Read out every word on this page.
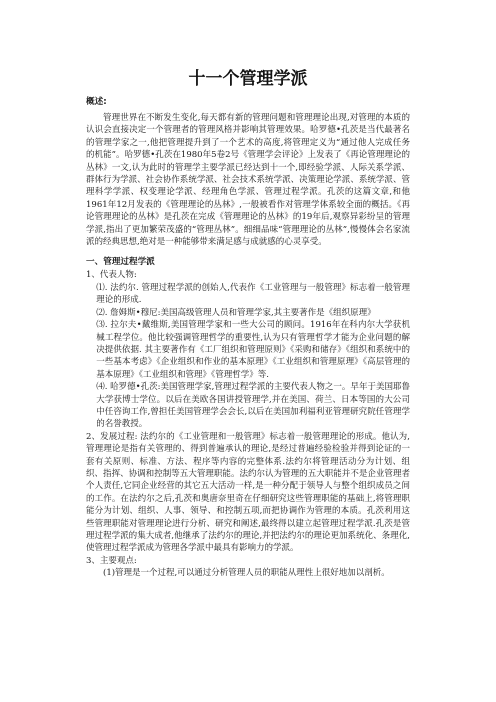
十一个管理学派
概述:

管理世界在不断发生变化,每天都有新的管理问题和管理理论出现,对管理的本质的认识会直接决定一个管理者的管理风格并影响其管理效果。哈罗德•孔茨是当代最著名的管理学家之一,他把管理提升到了一个艺术的高度,将管理定义为“通过他人完成任务的机能”。哈罗德•孔茨在1980年5卷2号《管理学会评论》上发表了《再论管理理论的丛林》一文,认为此时的管理学主要学派已经达到十一个,即经验学派、人际关系学派、群体行为学派、社会协作系统学派、社会技术系统学派、决策理论学派、系统学派、管理科学学派、权变理论学派、经理角色学派、管理过程学派。孔茨的这篇文章,和他1961年12月发表的《管理理论的丛林》,一般被看作对管理学体系较全面的概括。《再论管理理论的丛林》是孔茨在完成《管理理论的丛林》的19年后,观察异彩纷呈的管理学派,指出了更加繁荣茂盛的“管理丛林”。细细品味“管理理论的丛林”,慢慢体会名家流派的经典思想,绝对是一种能够带来满足感与成就感的心灵享受。

一、管理过程学派

1、代表人物:

⑴. 法约尔. 管理过程学派的创始人,代表作《工业管理与一般管理》标志着一般管理理论的形成.

⑵. 詹姆斯•穆尼:美国高级管理人员和管理学家,其主要著作是《组织原理》

⑶. 拉尔夫•戴维斯,美国管理学家和一些大公司的顾问。1916年在科内尔大学获机械工程学位。他比较强调管理哲学的重要性,认为只有管理哲学才能为企业问题的解决提供依据. 其主要著作有《工厂组织和管理原则》《采购和储存》《组织和系统中的一些基本考虑》《企业组织和作业的基本原理》《工业组织和管理原理》《高层管理的基本原理》《工业组织和管理》《管理哲学》等.

⑷. 哈罗德•孔茨:美国管理学家,管理过程学派的主要代表人物之一。早年于美国耶鲁大学获博士学位。以后在美欧各国讲授管理学,并在美国、荷兰、日本等国的大公司中任咨询工作,曾担任美国管理学会会长,以后在美国加利福利亚管理研究院任管理学的名誉教授。

2、发展过程: 法约尔的《工业管理和一般管理》标志着一般管理理论的形成。他认为,管理理论是指有关管理的、得到普遍承认的理论,是经过普遍经验检验并得到论证的一套有关原则、标准、方法、程序等内容的完整体系.法约尔将管理活动分为计划、组织、指挥、协调和控制等五大管理职能。法约尔认为管理的五大职能并不是企业管理者个人责任,它同企业经营的其它五大活动一样,是一种分配于领导人与整个组织成员之间的工作。在法约尔之后,孔茨和奥唐奈里奇在仔细研究这些管理职能的基础上,将管理职能分为计划、组织、人事、领导、和控制五项,而把协调作为管理的本质。孔茨利用这些管理职能对管理理论进行分析、研究和阐述,最终得以建立起管理过程学派.孔茨是管理过程学派的集大成者,他继承了法约尔的理论,并把法约尔的理论更加系统化、条理化,使管理过程学派成为管理各学派中最具有影响力的学派。

3、主要观点:

(1)管理是一个过程,可以通过分析管理人员的职能从理性上很好地加以剖析。
